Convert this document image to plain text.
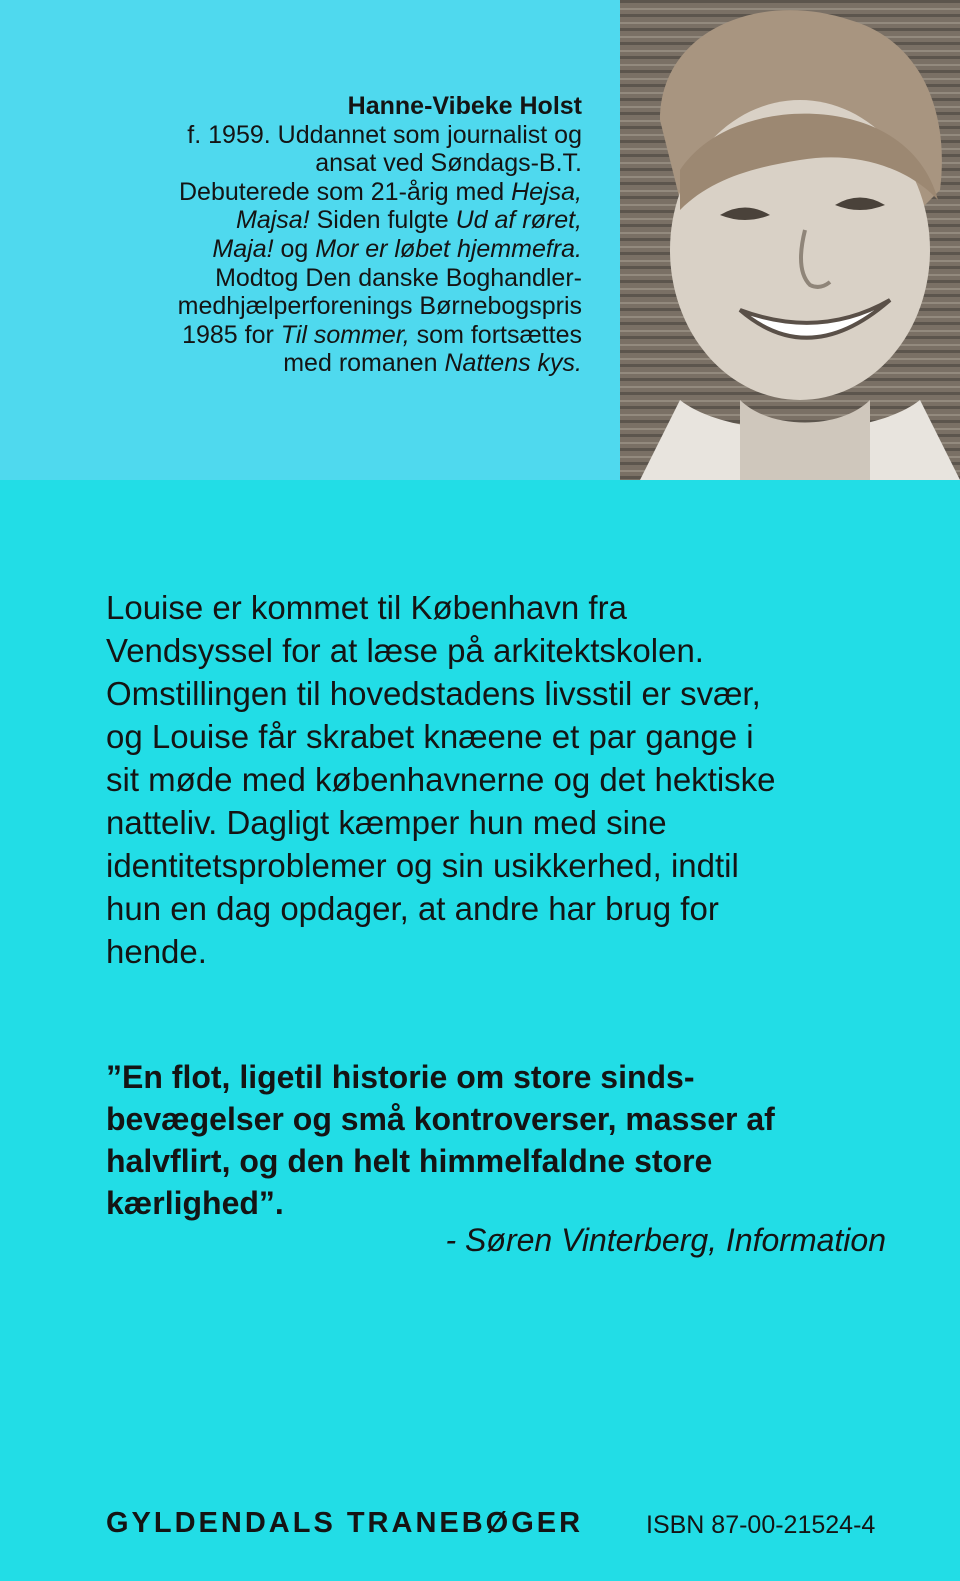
Hanne-Vibeke Holst
f. 1959. Uddannet som journalist og
ansat ved Søndags-B.T.
Debuterede som 21-årig med Hejsa,
Majsa! Siden fulgte Ud af røret,
Maja! og Mor er løbet hjemmefra.
Modtog Den danske Boghandler-
medhjælperforenings Børnebogspris
1985 for Til sommer, som fortsættes
med romanen Nattens kys.
Louise er kommet til København fra
Vendsyssel for at læse på arkitektskolen.
Omstillingen til hovedstadens livsstil er svær,
og Louise får skrabet knæene et par gange i
sit møde med københavnerne og det hektiske
natteliv. Dagligt kæmper hun med sine
identitetsproblemer og sin usikkerhed, indtil
hun en dag opdager, at andre har brug for
hende.
”En flot, ligetil historie om store sinds-
bevægelser og små kontroverser, masser af
halvflirt, og den helt himmelfaldne store
kærlighed”.
- Søren Vinterberg, Information
GYLDENDALS TRANEBØGER	ISBN 87-00-21524-4
